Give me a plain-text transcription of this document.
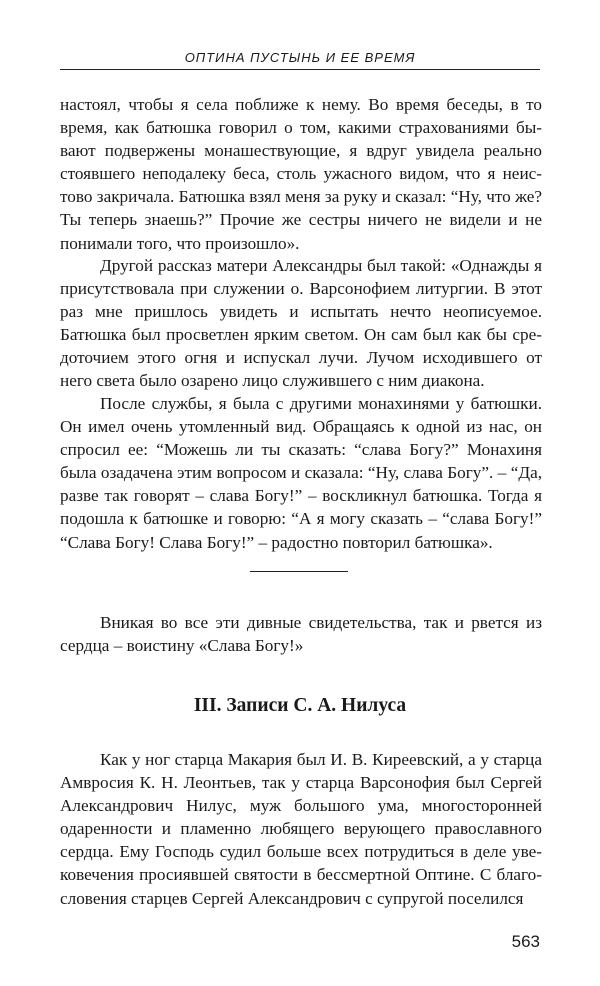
ОПТИНА ПУСТЫНЬ И ЕЕ ВРЕМЯ
настоял, чтобы я села поближе к нему. Во время беседы, в то время, как батюшка говорил о том, какими страхованиями бывают подвержены монашествующие, я вдруг увидела реально стоявшего неподалеку беса, столь ужасного видом, что я неистово закричала. Батюшка взял меня за руку и сказал: “Ну, что же? Ты теперь знаешь?” Прочие же сестры ничего не видели и не понимали того, что произошло».
Другой рассказ матери Александры был такой: «Однажды я присутствовала при служении о. Варсонофием литургии. В этот раз мне пришлось увидеть и испытать нечто неописуемое. Батюшка был просветлен ярким светом. Он сам был как бы средоточием этого огня и испускал лучи. Лучом исходившего от него света было озарено лицо служившего с ним диакона.
После службы, я была с другими монахинями у батюшки. Он имел очень утомленный вид. Обращаясь к одной из нас, он спросил ее: “Можешь ли ты сказать: “слава Богу?” Монахиня была озадачена этим вопросом и сказала: “Ну, слава Богу”. – “Да, разве так говорят – слава Богу!” – воскликнул батюшка. Тогда я подошла к батюшке и говорю: “А я могу сказать – “слава Богу!” “Слава Богу! Слава Богу!” – радостно повторил батюшка».
Вникая во все эти дивные свидетельства, так и рвется из сердца – воистину «Слава Богу!»
III. Записи С. А. Нилуса
Как у ног старца Макария был И. В. Киреевский, а у старца Амвросия К. Н. Леонтьев, так у старца Варсонофия был Сергей Александрович Нилус, муж большого ума, многосторонней одаренности и пламенно любящего верующего православного сердца. Ему Господь судил больше всех потрудиться в деле увековечения просиявшей святости в бессмертной Оптине. С благословения старцев Сергей Александрович с супругой поселился
563
